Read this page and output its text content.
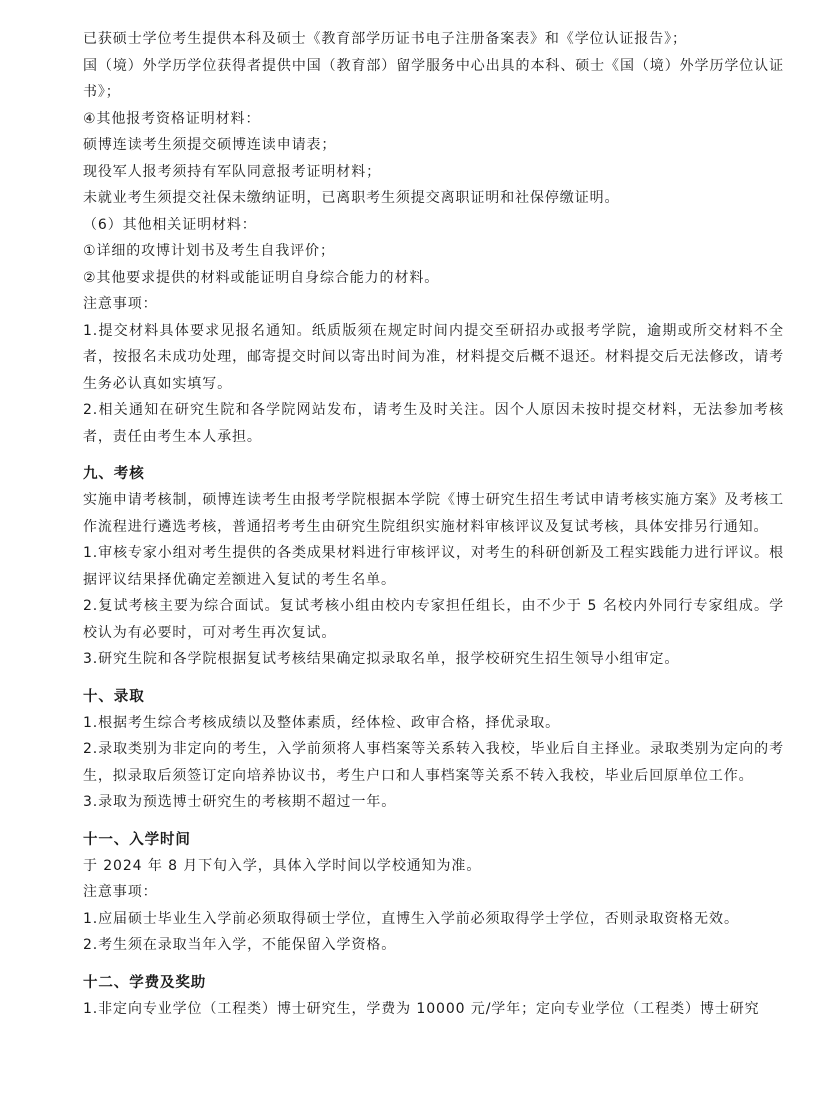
已获硕士学位考生提供本科及硕士《教育部学历证书电子注册备案表》和《学位认证报告》；

国（境）外学历学位获得者提供中国（教育部）留学服务中心出具的本科、硕士《国（境）外学历学位认证书》；

④其他报考资格证明材料：

硕博连读考生须提交硕博连读申请表；

现役军人报考须持有军队同意报考证明材料；

未就业考生须提交社保未缴纳证明，已离职考生须提交离职证明和社保停缴证明。

（6）其他相关证明材料：

①详细的攻博计划书及考生自我评价；

②其他要求提供的材料或能证明自身综合能力的材料。

注意事项：

1.提交材料具体要求见报名通知。纸质版须在规定时间内提交至研招办或报考学院，逾期或所交材料不全者，按报名未成功处理，邮寄提交时间以寄出时间为准，材料提交后概不退还。材料提交后无法修改，请考生务必认真如实填写。

2.相关通知在研究生院和各学院网站发布，请考生及时关注。因个人原因未按时提交材料，无法参加考核者，责任由考生本人承担。

九、考核

实施申请考核制，硕博连读考生由报考学院根据本学院《博士研究生招生考试申请考核实施方案》及考核工作流程进行遴选考核，普通招考考生由研究生院组织实施材料审核评议及复试考核，具体安排另行通知。

1.审核专家小组对考生提供的各类成果材料进行审核评议，对考生的科研创新及工程实践能力进行评议。根据评议结果择优确定差额进入复试的考生名单。

2.复试考核主要为综合面试。复试考核小组由校内专家担任组长，由不少于 5 名校内外同行专家组成。学校认为有必要时，可对考生再次复试。

3.研究生院和各学院根据复试考核结果确定拟录取名单，报学校研究生招生领导小组审定。

十、录取

1.根据考生综合考核成绩以及整体素质，经体检、政审合格，择优录取。

2.录取类别为非定向的考生，入学前须将人事档案等关系转入我校，毕业后自主择业。录取类别为定向的考生，拟录取后须签订定向培养协议书，考生户口和人事档案等关系不转入我校，毕业后回原单位工作。

3.录取为预选博士研究生的考核期不超过一年。

十一、入学时间

于 2024 年 8 月下旬入学，具体入学时间以学校通知为准。

注意事项：

1.应届硕士毕业生入学前必须取得硕士学位，直博生入学前必须取得学士学位，否则录取资格无效。

2.考生须在录取当年入学，不能保留入学资格。

十二、学费及奖助

1.非定向专业学位（工程类）博士研究生，学费为 10000 元/学年；定向专业学位（工程类）博士研究
